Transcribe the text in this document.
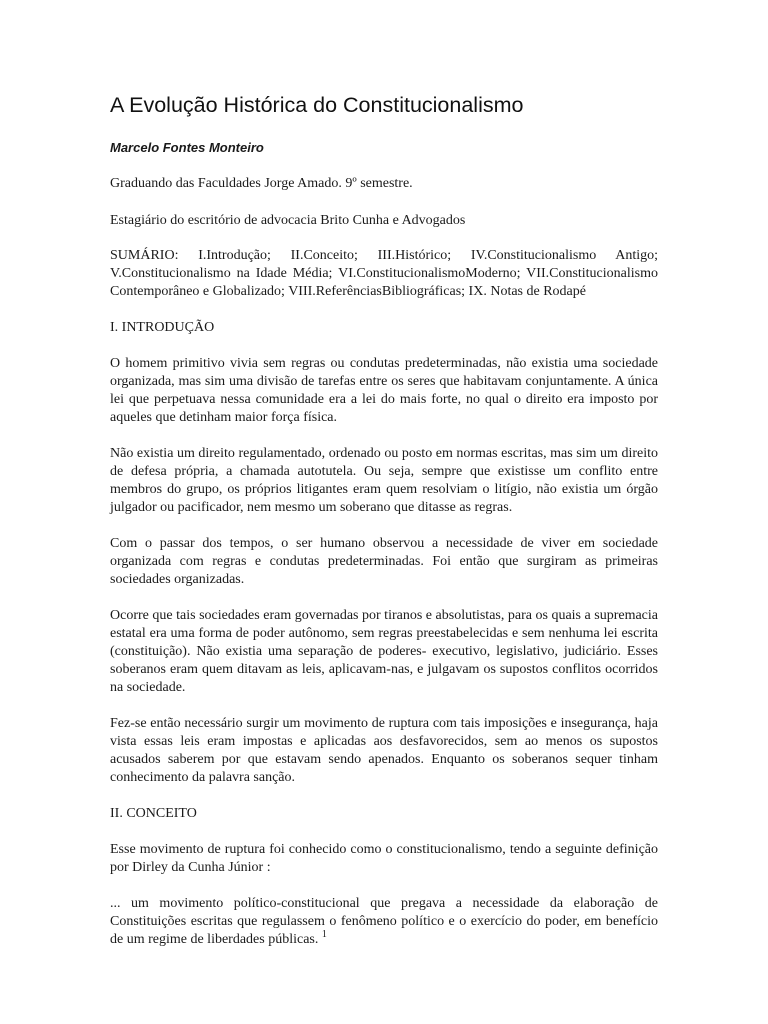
A Evolução Histórica do Constitucionalismo
Marcelo Fontes Monteiro

Graduando das Faculdades Jorge Amado. 9º semestre.

Estagiário do escritório de advocacia Brito Cunha e Advogados

SUMÁRIO: I.Introdução; II.Conceito; III.Histórico; IV.Constitucionalismo Antigo; V.Constitucionalismo na Idade Média; VI.ConstitucionalismoModerno; VII.Constitucionalismo Contemporâneo e Globalizado; VIII.ReferênciasBibliográficas; IX. Notas de Rodapé

I. INTRODUÇÃO

O homem primitivo vivia sem regras ou condutas predeterminadas, não existia uma sociedade organizada, mas sim uma divisão de tarefas entre os seres que habitavam conjuntamente. A única lei que perpetuava nessa comunidade era a lei do mais forte, no qual o direito era imposto por aqueles que detinham maior força física.

Não existia um direito regulamentado, ordenado ou posto em normas escritas, mas sim um direito de defesa própria, a chamada autotutela. Ou seja, sempre que existisse um conflito entre membros do grupo, os próprios litigantes eram quem resolviam o litígio, não existia um órgão julgador ou pacificador, nem mesmo um soberano que ditasse as regras.

Com o passar dos tempos, o ser humano observou a necessidade de viver em sociedade organizada com regras e condutas predeterminadas. Foi então que surgiram as primeiras sociedades organizadas.

Ocorre que tais sociedades eram governadas por tiranos e absolutistas, para os quais a supremacia estatal era uma forma de poder autônomo, sem regras preestabelecidas e sem nenhuma lei escrita (constituição). Não existia uma separação de poderes- executivo, legislativo, judiciário. Esses soberanos eram quem ditavam as leis, aplicavam-nas, e julgavam os supostos conflitos ocorridos na sociedade.

Fez-se então necessário surgir um movimento de ruptura com tais imposições e insegurança, haja vista essas leis eram impostas e aplicadas aos desfavorecidos, sem ao menos os supostos acusados saberem por que estavam sendo apenados. Enquanto os soberanos sequer tinham conhecimento da palavra sanção.

II. CONCEITO

Esse movimento de ruptura foi conhecido como o constitucionalismo, tendo a seguinte definição por Dirley da Cunha Júnior :

... um movimento político-constitucional que pregava a necessidade da elaboração de Constituições escritas que regulassem o fenômeno político e o exercício do poder, em benefício de um regime de liberdades públicas. $^1$
